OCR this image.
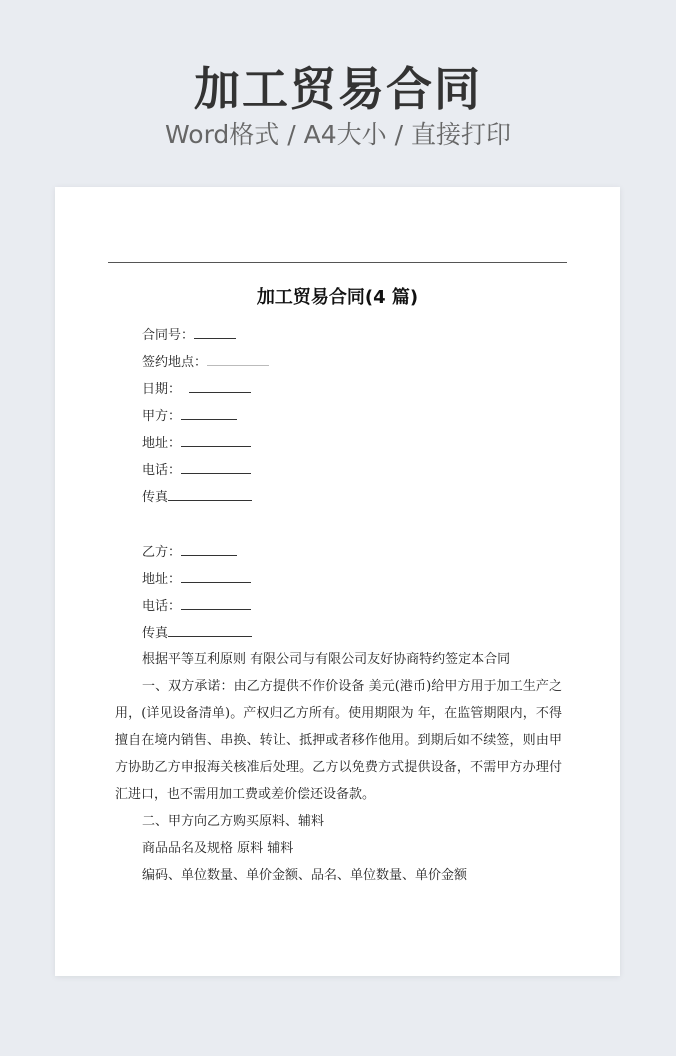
加工贸易合同
Word格式 / A4大小 / 直接打印
加工贸易合同(4 篇)
合同号：
签约地点：
日期：
甲方：
地址：
电话：
传真
乙方：
地址：
电话：
传真

根据平等互利原则 有限公司与有限公司友好协商特约签定本合同

一、双方承诺：由乙方提供不作价设备 美元(港币)给甲方用于加工生产之用，(详见设备清单)。产权归乙方所有。使用期限为 年，在监管期限内，不得擅自在境内销售、串换、转让、抵押或者移作他用。到期后如不续签，则由甲方协助乙方申报海关核准后处理。乙方以免费方式提供设备，不需甲方办理付汇进口，也不需用加工费或差价偿还设备款。

二、甲方向乙方购买原料、辅料

商品品名及规格 原料 辅料

编码、单位数量、单价金额、品名、单位数量、单价金额
